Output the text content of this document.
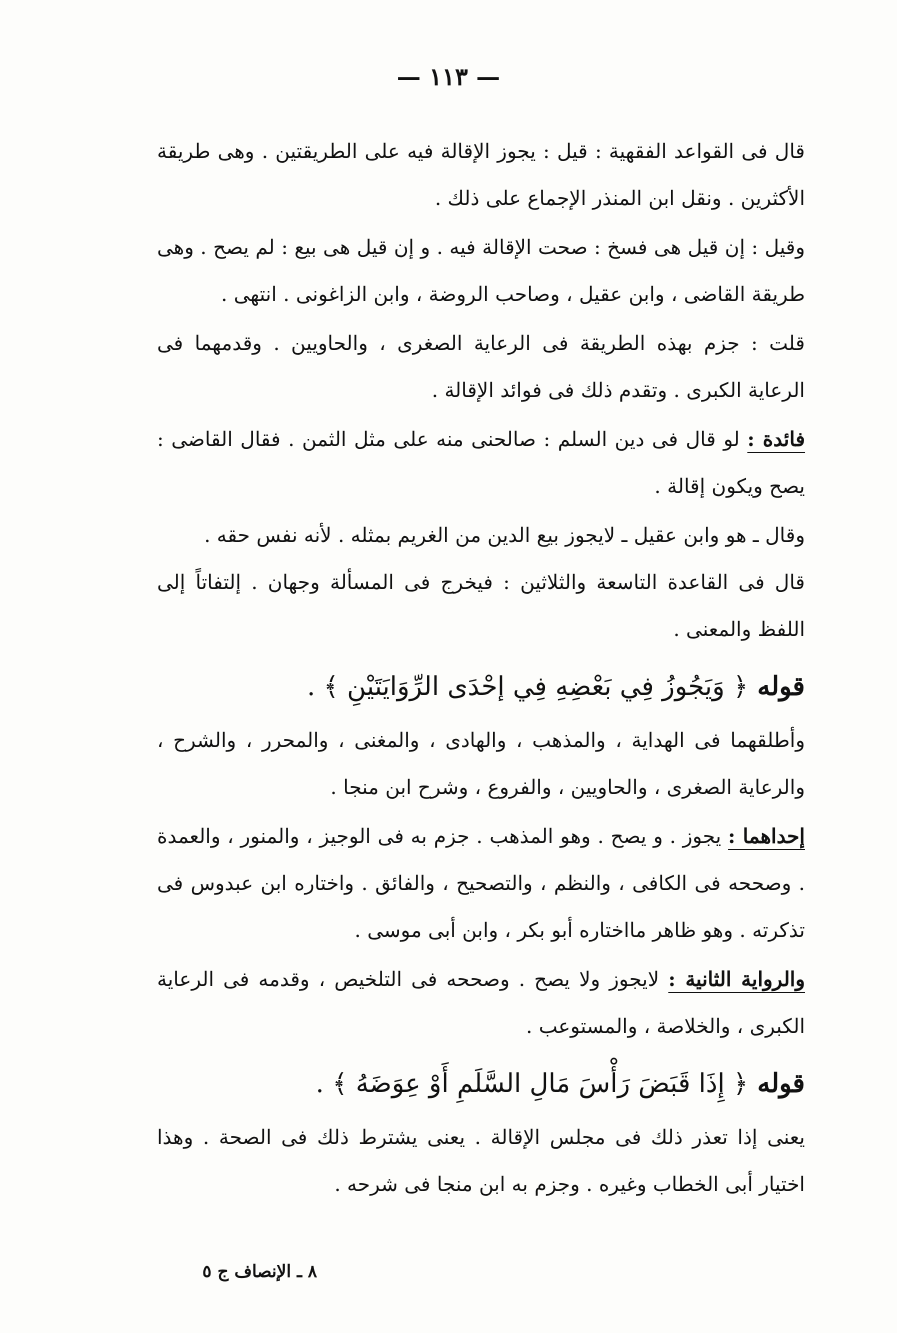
— ١١٣ —

قال فى القواعد الفقهية : قيل : يجوز الإقالة فيه على الطريقتين . وهى طريقة الأكثرين . ونقل ابن المنذر الإجماع على ذلك .

وقيل : إن قيل هى فسخ : صحت الإقالة فيه . و إن قيل هى بيع : لم يصح . وهى طريقة القاضى ، وابن عقيل ، وصاحب الروضة ، وابن الزاغونى . انتهى .

قلت : جزم بهذه الطريقة فى الرعاية الصغرى ، والحاويين . وقدمهما فى الرعاية الكبرى . وتقدم ذلك فى فوائد الإقالة .

فائدة : لو قال فى دين السلم : صالحنى منه على مثل الثمن . فقال القاضى : يصح ويكون إقالة .

وقال ـ هو وابن عقيل ـ لايجوز بيع الدين من الغريم بمثله . لأنه نفس حقه .

قال فى القاعدة التاسعة والثلاثين : فيخرج فى المسألة وجهان . إلتفاتاً إلى اللفظ والمعنى .

قوله ﴿ وَيَجُوزُ فِي بَعْضِهِ فِي إحْدَى الرِّوَايَتَيْنِ ﴾ .

وأطلقهما فى الهداية ، والمذهب ، والهادى ، والمغنى ، والمحرر ، والشرح ، والرعاية الصغرى ، والحاويين ، والفروع ، وشرح ابن منجا .

إحداهما : يجوز . و يصح . وهو المذهب . جزم به فى الوجيز ، والمنور ، والعمدة . وصححه فى الكافى ، والنظم ، والتصحيح ، والفائق . واختاره ابن عبدوس فى تذكرته . وهو ظاهر مااختاره أبو بكر ، وابن أبى موسى .

والرواية الثانية : لايجوز ولا يصح . وصححه فى التلخيص ، وقدمه فى الرعاية الكبرى ، والخلاصة ، والمستوعب .

قوله ﴿ إِذَا قَبَضَ رَأْسَ مَالِ السَّلَمِ أَوْ عِوَضَهُ ﴾ .

يعنى إذا تعذر ذلك فى مجلس الإقالة . يعنى يشترط ذلك فى الصحة . وهذا اختيار أبى الخطاب وغيره . وجزم به ابن منجا فى شرحه .

٨ ـ الإنصاف ج ٥
